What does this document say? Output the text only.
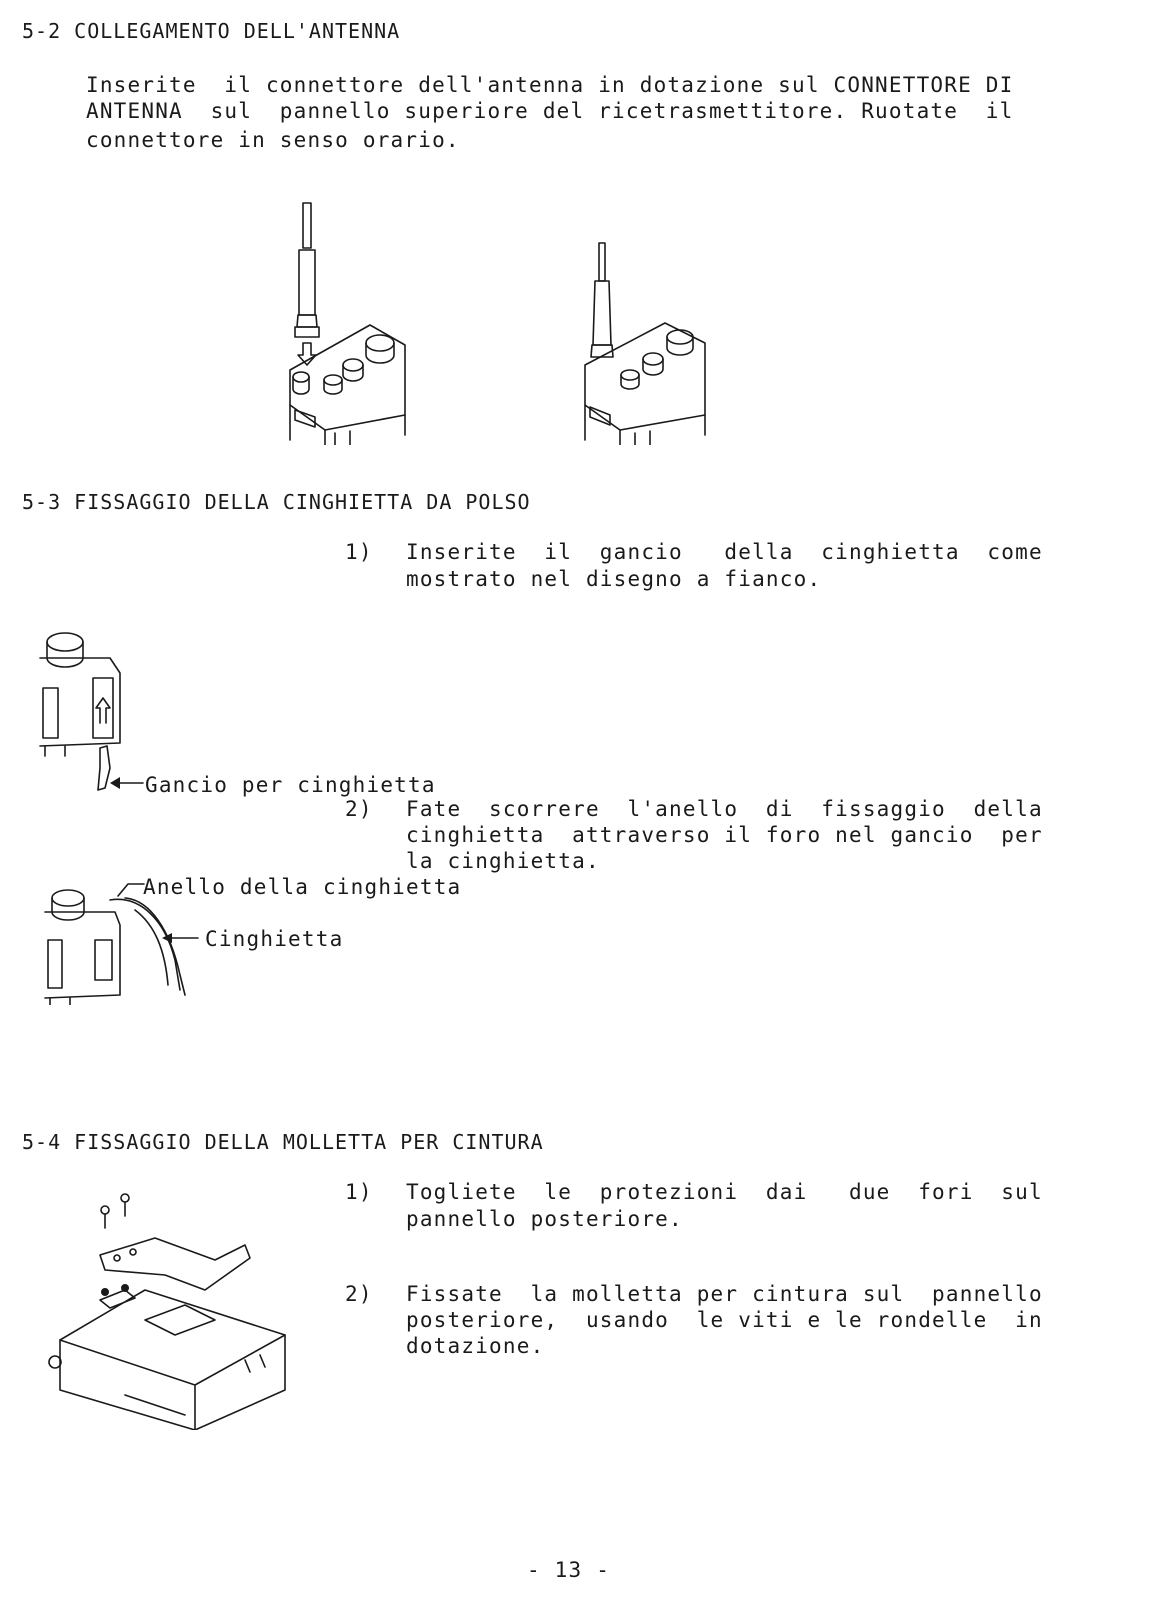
5-2 COLLEGAMENTO DELL'ANTENNA
Inserite  il connettore dell'antenna in dotazione sul CONNETTORE DI
ANTENNA  sul  pannello superiore del ricetrasmettitore. Ruotate  il
connettore in senso orario.
5-3 FISSAGGIO DELLA CINGHIETTA DA POLSO
1) Inserite  il  gancio   della  cinghietta  come
mostrato nel disegno a fianco.
Gancio per cinghietta
2) Fate  scorrere  l'anello  di  fissaggio  della
cinghietta  attraverso il foro nel gancio  per
la cinghietta.
Anello della cinghietta
Cinghietta
5-4 FISSAGGIO DELLA MOLLETTA PER CINTURA
1) Togliete  le  protezioni  dai   due  fori  sul
pannello posteriore.
2) Fissate  la molletta per cintura sul  pannello
posteriore,  usando  le viti e le rondelle  in
dotazione.
- 13 -
